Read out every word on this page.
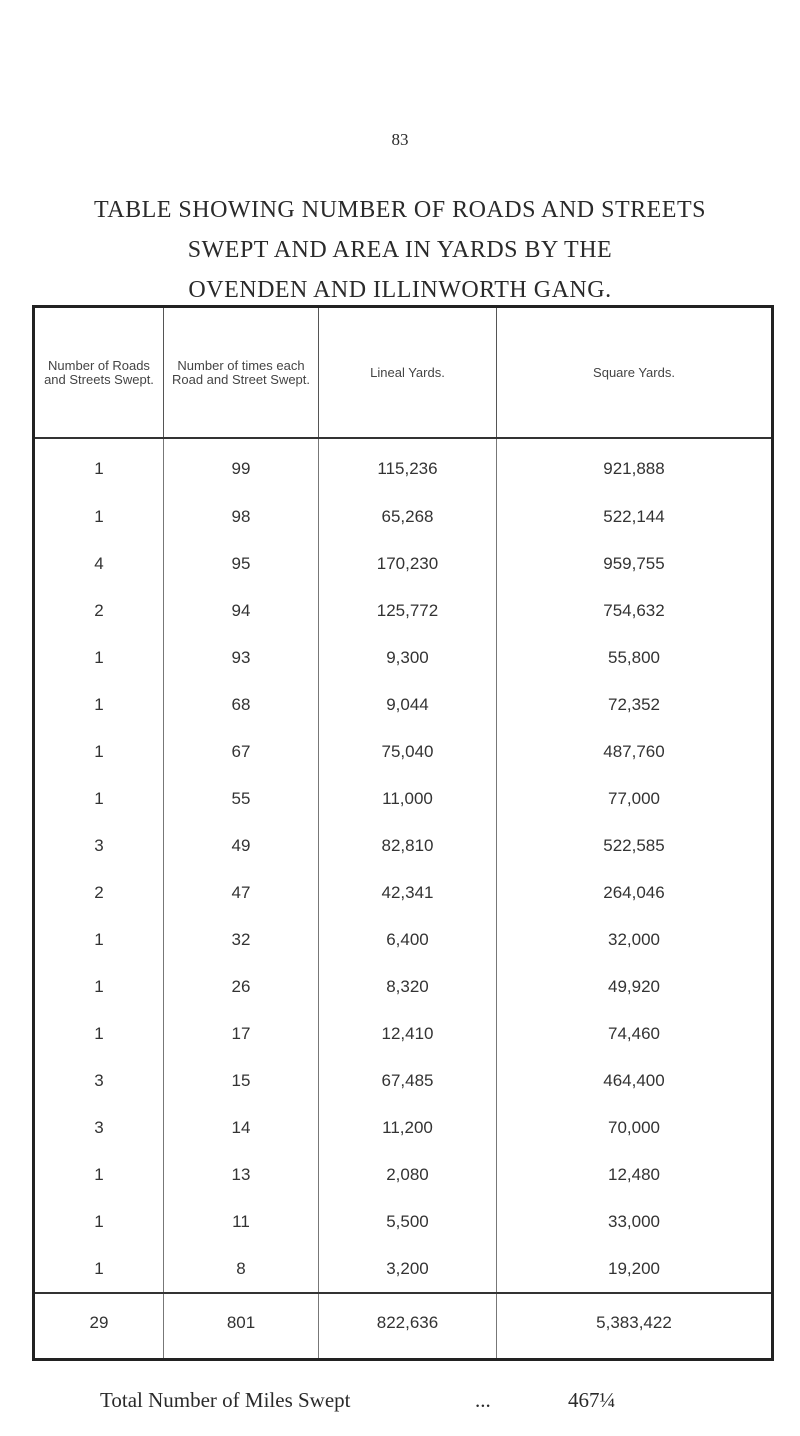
83
TABLE SHOWING NUMBER OF ROADS AND STREETS
SWEPT AND AREA IN YARDS BY THE
OVENDEN AND ILLINWORTH GANG.
Number of Roads and Streets Swept.	Number of times each Road and Street Swept.	Lineal Yards.	Square Yards.
1	99	115,236	921,888
1	98	65,268	522,144
4	95	170,230	959,755
2	94	125,772	754,632
1	93	9,300	55,800
1	68	9,044	72,352
1	67	75,040	487,760
1	55	11,000	77,000
3	49	82,810	522,585
2	47	42,341	264,046
1	32	6,400	32,000
1	26	8,320	49,920
1	17	12,410	74,460
3	15	67,485	464,400
3	14	11,200	70,000
1	13	2,080	12,480
1	11	5,500	33,000
1	8	3,200	19,200
29	801	822,636	5,383,422
Total Number of Miles Swept	...	467¼
